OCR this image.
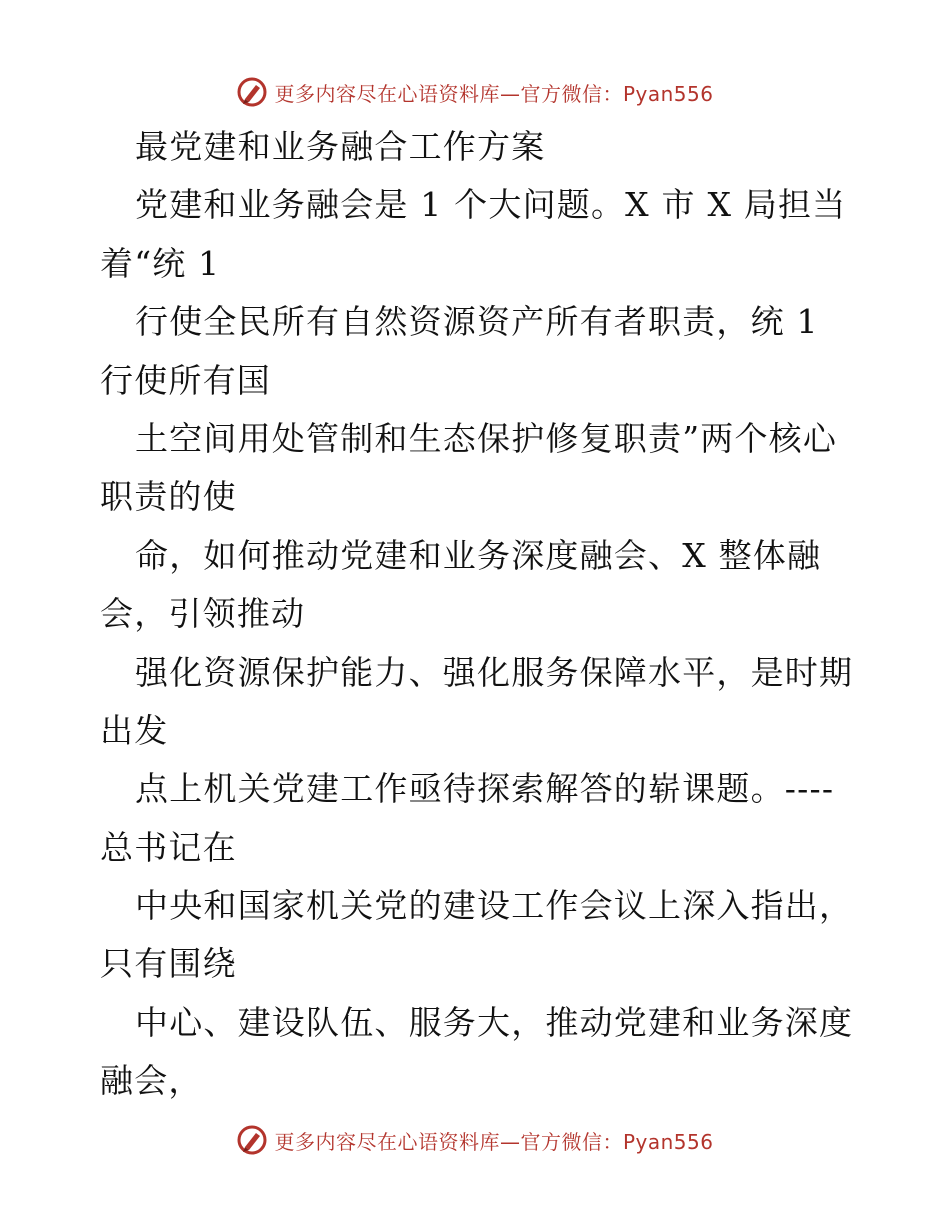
更多内容尽在心语资料库—官方微信：Pyan556
最党建和业务融合工作方案
党建和业务融会是 1 个大问题。X 市 X 局担当
着“统 1
行使全民所有自然资源资产所有者职责，统 1
行使所有国
土空间用处管制和生态保护修复职责”两个核心
职责的使
命，如何推动党建和业务深度融会、X 整体融
会，引领推动
强化资源保护能力、强化服务保障水平，是时期
出发
点上机关党建工作亟待探索解答的崭课题。----
总书记在
中央和国家机关党的建设工作会议上深入指出，
只有围绕
中心、建设队伍、服务大，推动党建和业务深度
融会，
更多内容尽在心语资料库—官方微信：Pyan556
